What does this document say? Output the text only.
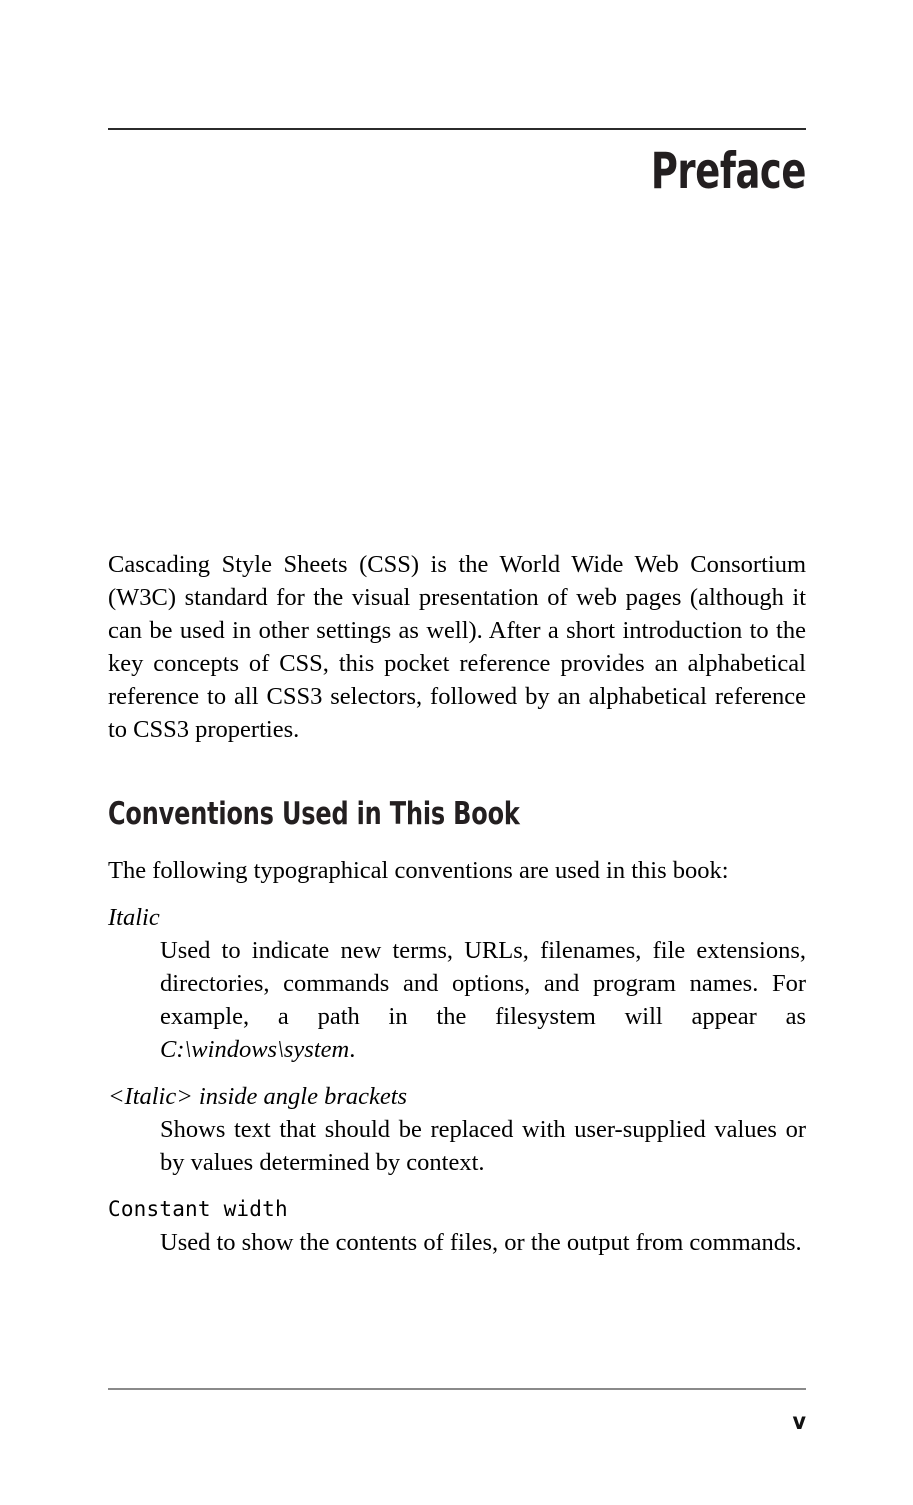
Preface

Cascading Style Sheets (CSS) is the World Wide Web Consortium (W3C) standard for the visual presentation of web pages (although it can be used in other settings as well). After a short introduction to the key concepts of CSS, this pocket reference provides an alphabetical reference to all CSS3 selectors, followed by an alphabetical reference to CSS3 properties.

Conventions Used in This Book

The following typographical conventions are used in this book:

Italic
Used to indicate new terms, URLs, filenames, file extensions, directories, commands and options, and program names. For example, a path in the filesystem will appear as C:\windows\system.
<Italic> inside angle brackets
Shows text that should be replaced with user-supplied values or by values determined by context.
Constant width
Used to show the contents of files, or the output from commands.
v
